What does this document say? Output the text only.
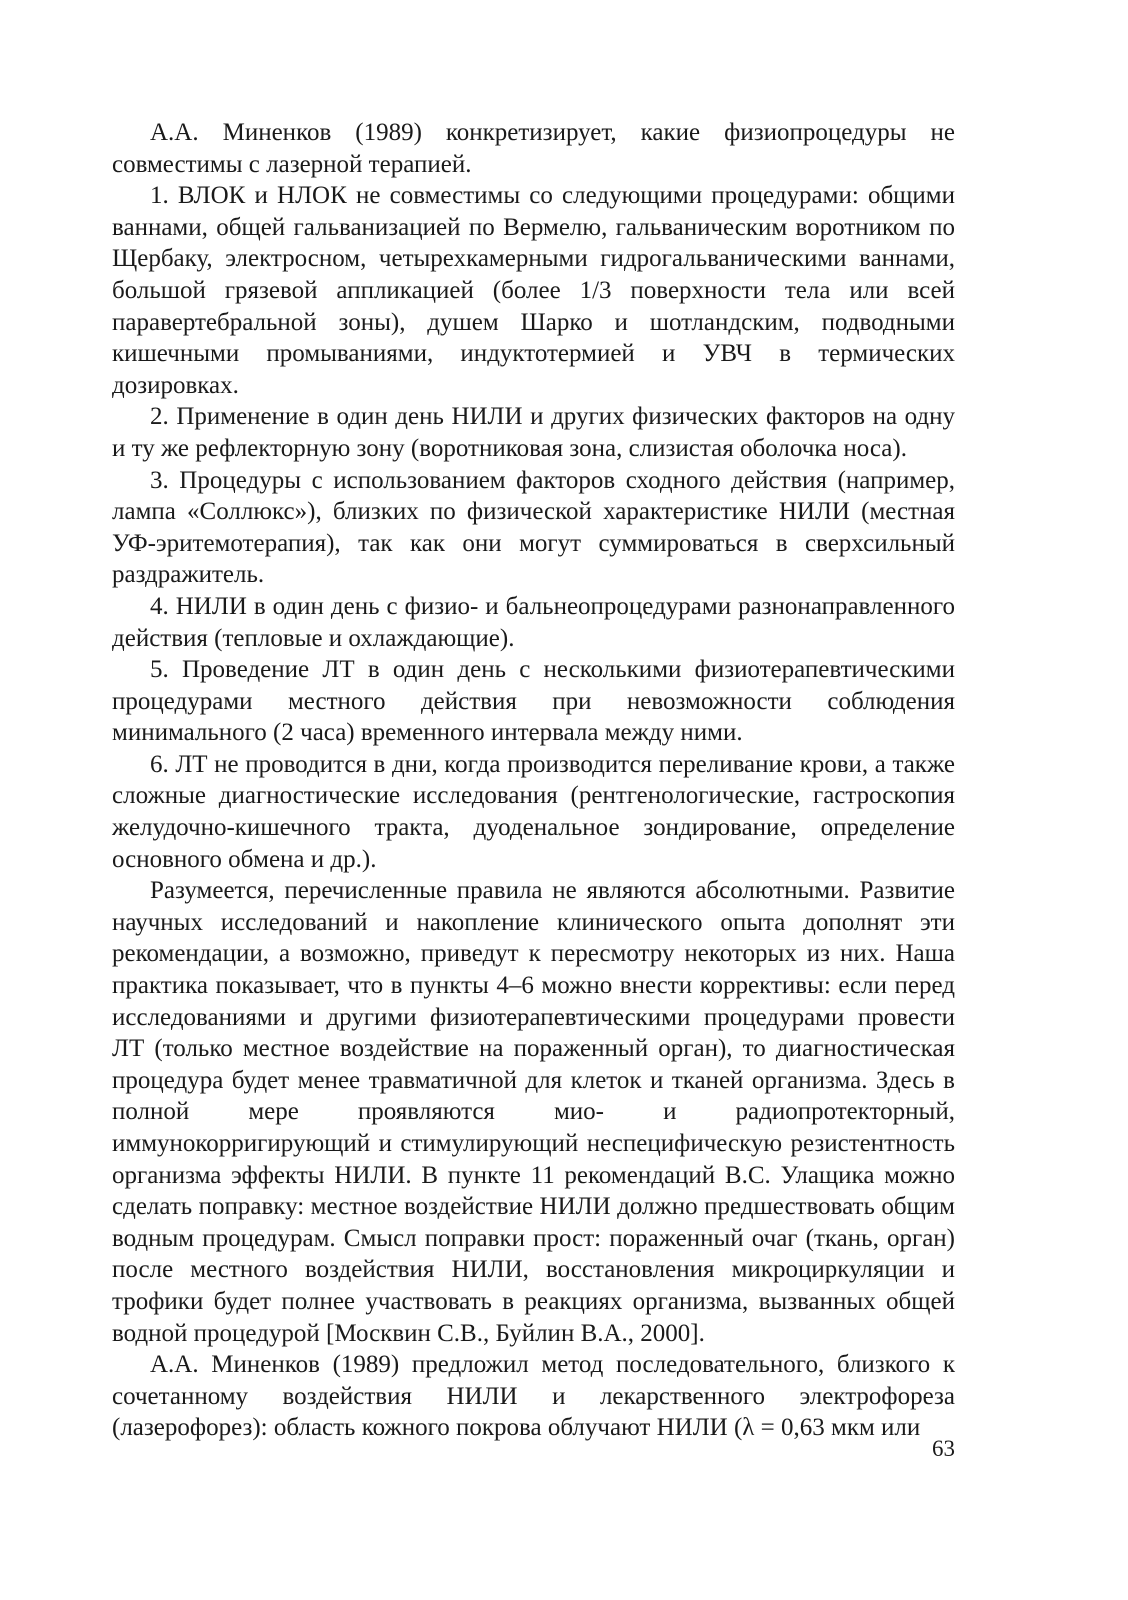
А.А. Миненков (1989) конкретизирует, какие физиопроцедуры не совместимы с лазерной терапией.

1. ВЛОК и НЛОК не совместимы со следующими процедурами: общими ваннами, общей гальванизацией по Вермелю, гальваническим воротником по Щербаку, электросном, четырехкамерными гидрогальваническими ваннами, большой грязевой аппликацией (более 1/3 поверхности тела или всей паравертебральной зоны), душем Шарко и шотландским, подводными кишечными промываниями, индуктотермией и УВЧ в термических дозировках.

2. Применение в один день НИЛИ и других физических факторов на одну и ту же рефлекторную зону (воротниковая зона, слизистая оболочка носа).

3. Процедуры с использованием факторов сходного действия (например, лампа «Соллюкс»), близких по физической характеристике НИЛИ (местная УФ-эритемотерапия), так как они могут суммироваться в сверхсильный раздражитель.

4. НИЛИ в один день с физио- и бальнеопроцедурами разнонаправленного действия (тепловые и охлаждающие).

5. Проведение ЛТ в один день с несколькими физиотерапевтическими процедурами местного действия при невозможности соблюдения минимального (2 часа) временного интервала между ними.

6. ЛТ не проводится в дни, когда производится переливание крови, а также сложные диагностические исследования (рентгенологические, гастроскопия желудочно-кишечного тракта, дуоденальное зондирование, определение основного обмена и др.).

Разумеется, перечисленные правила не являются абсолютными. Развитие научных исследований и накопление клинического опыта дополнят эти рекомендации, а возможно, приведут к пересмотру некоторых из них. Наша практика показывает, что в пункты 4–6 можно внести коррективы: если перед исследованиями и другими физиотерапевтическими процедурами провести ЛТ (только местное воздействие на пораженный орган), то диагностическая процедура будет менее травматичной для клеток и тканей организма. Здесь в полной мере проявляются мио- и радиопротекторный, иммунокорригирующий и стимулирующий неспецифическую резистентность организма эффекты НИЛИ. В пункте 11 рекомендаций В.С. Улащика можно сделать поправку: местное воздействие НИЛИ должно предшествовать общим водным процедурам. Смысл поправки прост: пораженный очаг (ткань, орган) после местного воздействия НИЛИ, восстановления микроциркуляции и трофики будет полнее участвовать в реакциях организма, вызванных общей водной процедурой [Москвин С.В., Буйлин В.А., 2000].

А.А. Миненков (1989) предложил метод последовательного, близкого к сочетанному воздействия НИЛИ и лекарственного электрофореза (лазерофорез): область кожного покрова облучают НИЛИ (λ = 0,63 мкм или

63
